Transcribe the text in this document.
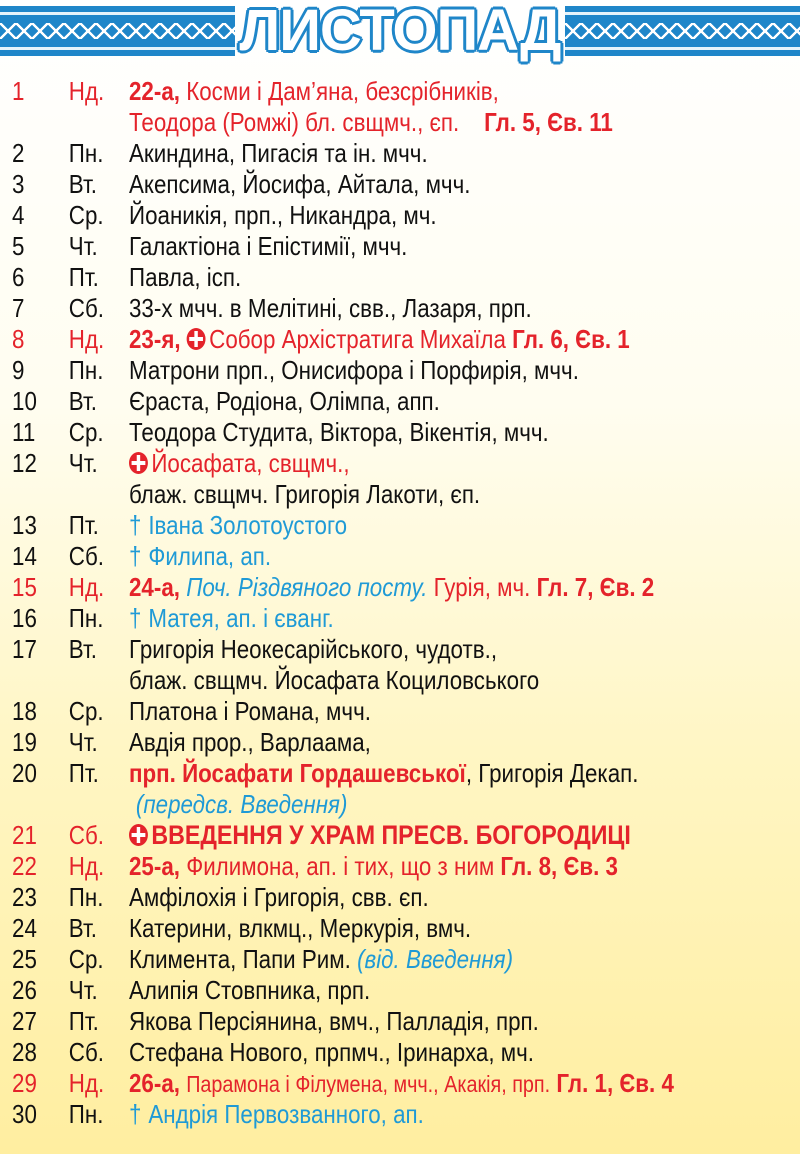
ЛИСТОПАД
1	Нд. 22-а, Косми і Дам’яна, безсрібників,
Теодора (Ромжі) бл. свщмч., єп. Гл. 5, Єв. 11
2	Пн. Акиндина, Пигасія та ін. мчч.
3	Вт.	Акепсима, Йосифа, Айтала, мчч.
4	Ср. Йоаникія, прп., Никандра, мч.
5	Чт.	Галактіона і Епістимії, мчч.
6	Пт.	Павла, ісп.
7	Сб. 33-х мчч. в Мелітині, свв., Лазаря, прп.
8	Нд. 23-я, Собор Архістратига Михаїла Гл. 6, Єв. 1
9	Пн. Матрони прп., Онисифора і Порфирія, мчч.
10	Вт.	Єраста, Родіона, Олімпа, апп.
11	Ср. Теодора Студита, Віктора, Вікентія, мчч.
12	Чт.	Йосафата, свщмч.,
блаж. свщмч. Григорія Лакоти, єп.
13	Пт.	† Івана Золотоустого
14	Сб. † Филипа, ап.
15	Нд. 24-а, Поч. Різдвяного посту. Гурія, мч. Гл. 7, Єв. 2
16	Пн. † Матея, ап. і єванг.
17	Вт.	Григорія Неокесарійського, чудотв.,
блаж. свщмч. Йосафата Коциловського
18	Ср. Платона і Романа, мчч.
19	Чт.	Авдія прор., Варлаама,
20	Пт.	прп. Йосафати Гордашевської, Григорія Декап.
(передсв. Введення)
21	Сб.	ВВЕДЕННЯ У ХРАМ ПРЕСВ. БОГОРОДИЦІ
22	Нд. 25-а, Филимона, ап. і тих, що з ним Гл. 8, Єв. 3
23	Пн. Амфілохія і Григорія, свв. єп.
24	Вт.	Катерини, влкмц., Меркурія, вмч.
25	Ср. Климента, Папи Рим. (від. Введення)
26	Чт.	Алипія Стовпника, прп.
27	Пт.	Якова Персіянина, вмч., Палладія, прп.
28	Сб. Стефана Нового, прпмч., Іринарха, мч.
29	Нд. 26-а, Парамона і Філумена, мчч., Акакія, прп. Гл. 1, Єв. 4
30	Пн. † Андрія Первозванного, ап.
